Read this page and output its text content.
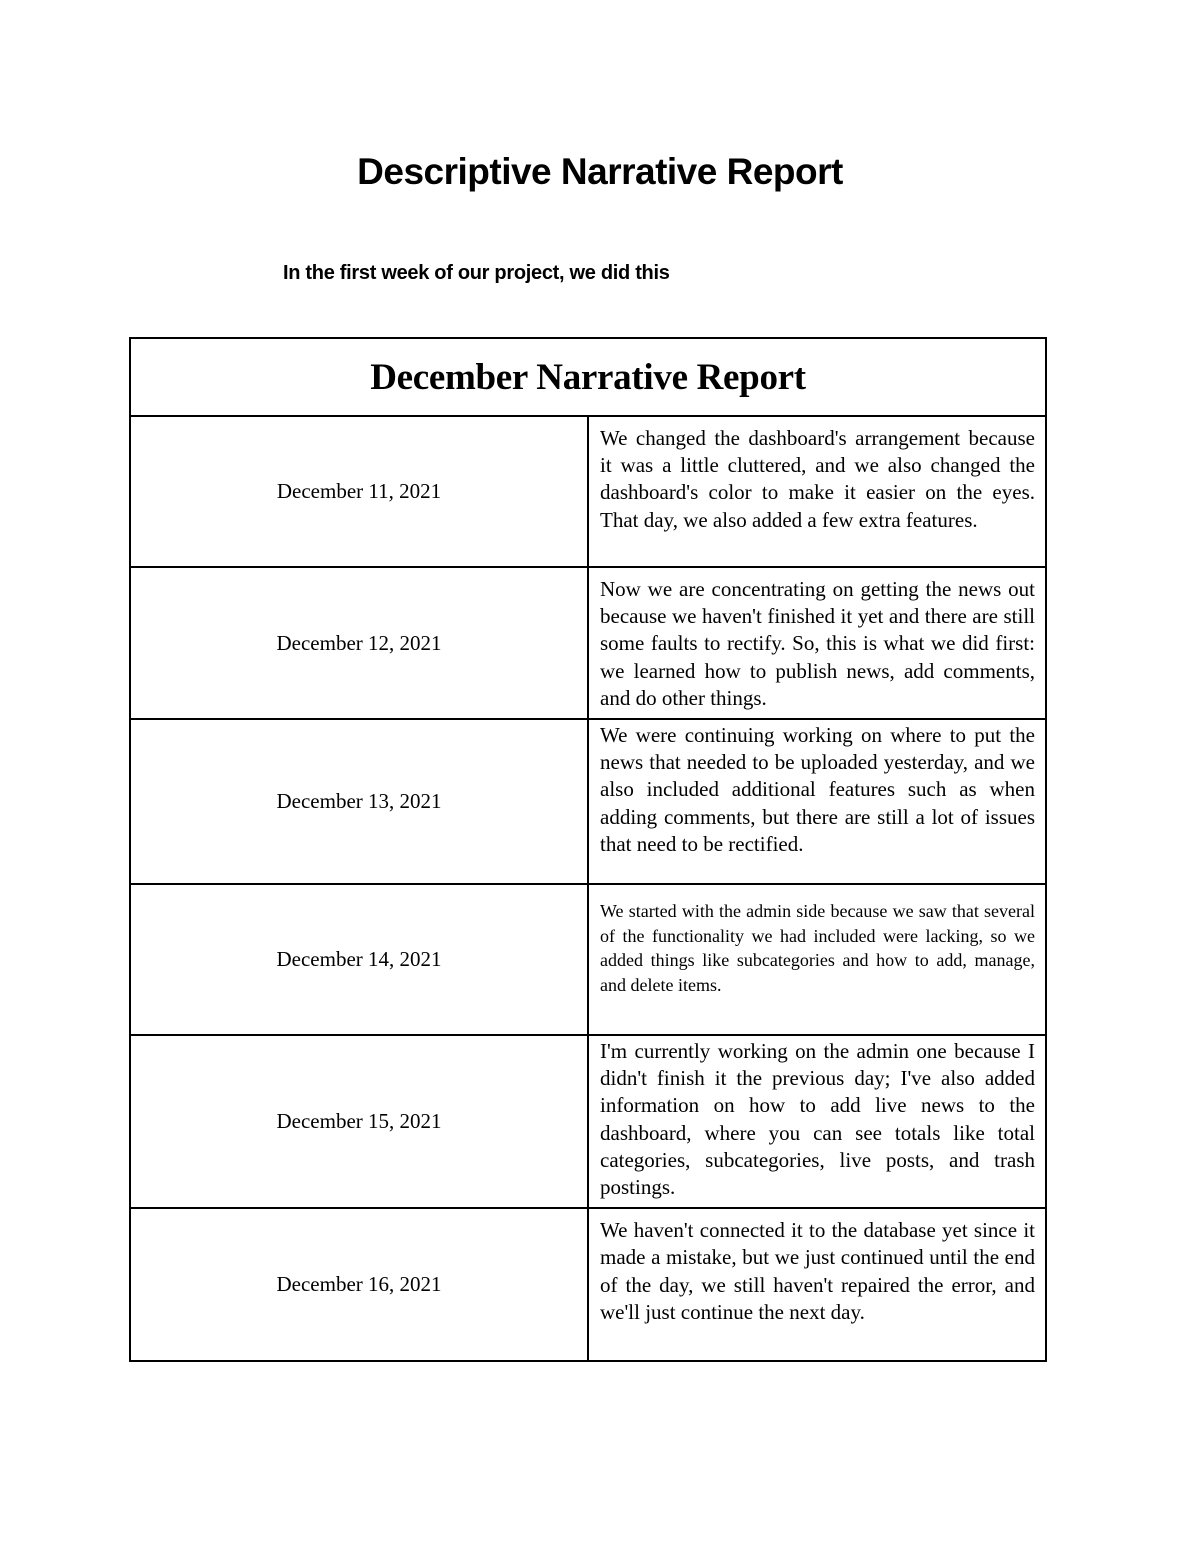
Descriptive Narrative Report

In the first week of our project, we did this

December Narrative Report	
December 11, 2021	We changed the dashboard's arrangement because it was a little cluttered, and we also changed the dashboard's color to make it easier on the eyes. That day, we also added a few extra features.
December 12, 2021	Now we are concentrating on getting the news out because we haven't finished it yet and there are still some faults to rectify. So, this is what we did first: we learned how to publish news, add comments, and do other things.
December 13, 2021	We were continuing working on where to put the news that needed to be uploaded yesterday, and we also included additional features such as when adding comments, but there are still a lot of issues that need to be rectified.
December 14, 2021	We started with the admin side because we saw that several of the functionality we had included were lacking, so we added things like subcategories and how to add, manage, and delete items.
December 15, 2021	I'm currently working on the admin one because I didn't finish it the previous day; I've also added information on how to add live news to the dashboard, where you can see totals like total categories, subcategories, live posts, and trash postings.
December 16, 2021	We haven't connected it to the database yet since it made a mistake, but we just continued until the end of the day, we still haven't repaired the error, and we'll just continue the next day.
